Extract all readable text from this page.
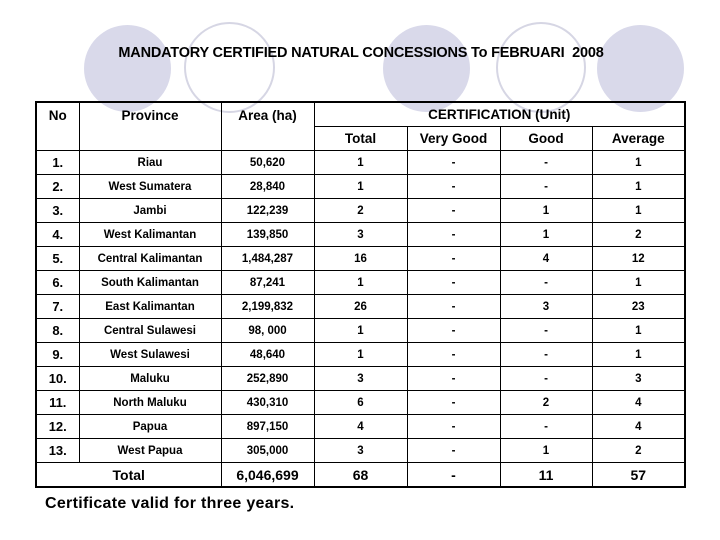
MANDATORY CERTIFIED NATURAL CONCESSIONS To FEBRUARI  2008
No	Province	Area (ha)	CERTIFICATION (Unit)			
			Total	Very Good	Good	Average
1.	Riau	50,620	1	-	-	1
2.	West Sumatera	28,840	1	-	-	1
3.	Jambi	122,239	2	-	1	1
4.	West Kalimantan	139,850	3	-	1	2
5.	Central Kalimantan	1,484,287	16	-	4	12
6.	South Kalimantan	87,241	1	-	-	1
7.	East Kalimantan	2,199,832	26	-	3	23
8.	Central Sulawesi	98, 000	1	-	-	1
9.	West Sulawesi	48,640	1	-	-	1
10.	Maluku	252,890	3	-	-	3
11.	North Maluku	430,310	6	-	2	4
12.	Papua	897,150	4	-	-	4
13.	West Papua	305,000	3	-	1	2
Total		6,046,699	68	-	11	57
Certificate valid for three years.
